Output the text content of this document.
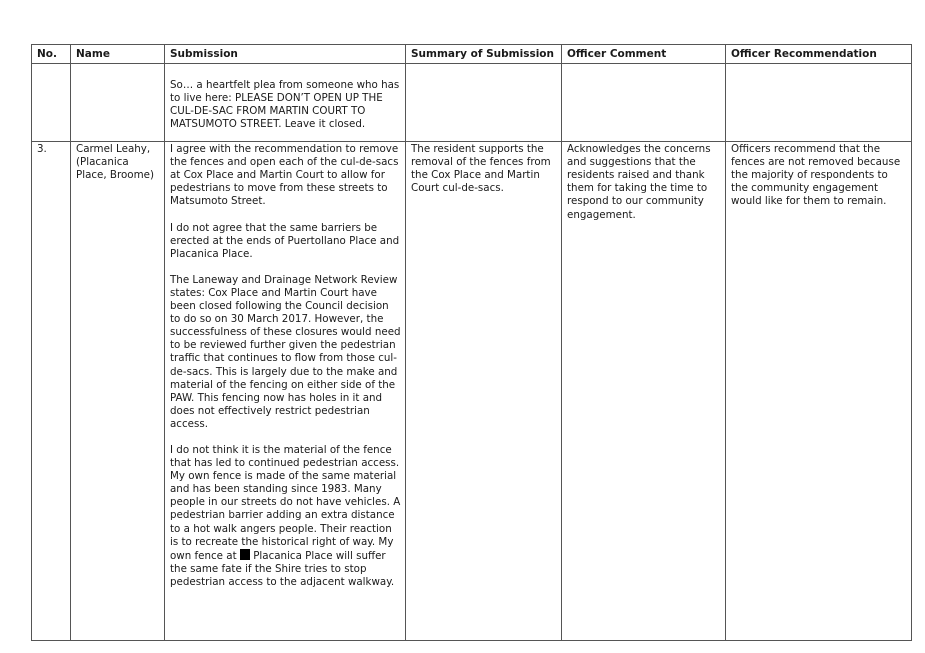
No.	Name	Submission	Summary of Submission	Officer Comment	Officer Recommendation

		So… a heartfelt plea from someone who has to live here: PLEASE DON’T OPEN UP THE CUL-DE-SAC FROM MARTIN COURT TO MATSUMOTO STREET. Leave it closed.			

3.	Carmel Leahy, (Placanica Place, Broome)	I agree with the recommendation to remove the fences and open each of the cul-de-sacs at Cox Place and Martin Court to allow for pedestrians to move from these streets to Matsumoto Street.

I do not agree that the same barriers be erected at the ends of Puertollano Place and Placanica Place.

The Laneway and Drainage Network Review states: Cox Place and Martin Court have been closed following the Council decision to do so on 30 March 2017. However, the successfulness of these closures would need to be reviewed further given the pedestrian traffic that continues to flow from those cul-de-sacs. This is largely due to the make and material of the fencing on either side of the PAW. This fencing now has holes in it and does not effectively restrict pedestrian access.

I do not think it is the material of the fence that has led to continued pedestrian access. My own fence is made of the same material and has been standing since 1983. Many people in our streets do not have vehicles. A pedestrian barrier adding an extra distance to a hot walk angers people. Their reaction is to recreate the historical right of way. My own fence at Placanica Place will suffer the same fate if the Shire tries to stop pedestrian access to the adjacent walkway.	The resident supports the removal of the fences from the Cox Place and Martin Court cul-de-sacs.	Acknowledges the concerns and suggestions that the residents raised and thank them for taking the time to respond to our community engagement.	Officers recommend that the fences are not removed because the majority of respondents to the community engagement would like for them to remain.
